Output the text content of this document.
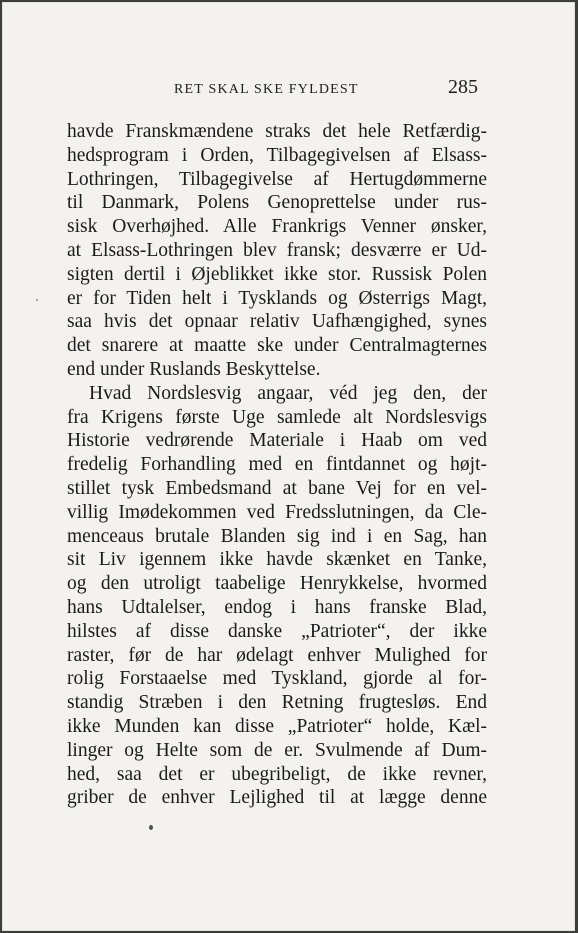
RET SKAL SKE FYLDEST	285
havde Franskmændene straks det hele Retfærdig-
hedsprogram i Orden, Tilbagegivelsen af Elsass-
Lothringen, Tilbagegivelse af Hertugdømmerne
til Danmark, Polens Genoprettelse under rus-
sisk Overhøjhed. Alle Frankrigs Venner ønsker,
at Elsass-Lothringen blev fransk; desværre er Ud-
sigten dertil i Øjeblikket ikke stor. Russisk Polen
er for Tiden helt i Tysklands og Østerrigs Magt,
saa hvis det opnaar relativ Uafhængighed, synes
det snarere at maatte ske under Centralmagternes
end under Ruslands Beskyttelse.
Hvad Nordslesvig angaar, véd jeg den, der
fra Krigens første Uge samlede alt Nordslesvigs
Historie vedrørende Materiale i Haab om ved
fredelig Forhandling med en fintdannet og højt-
stillet tysk Embedsmand at bane Vej for en vel-
villig Imødekommen ved Fredsslutningen, da Cle-
menceaus brutale Blanden sig ind i en Sag, han
sit Liv igennem ikke havde skænket en Tanke,
og den utroligt taabelige Henrykkelse, hvormed
hans Udtalelser, endog i hans franske Blad,
hilstes af disse danske „Patrioter“, der ikke
raster, før de har ødelagt enhver Mulighed for
rolig Forstaaelse med Tyskland, gjorde al for-
standig Stræben i den Retning frugtesløs. End
ikke Munden kan disse „Patrioter“ holde, Kæl-
linger og Helte som de er. Svulmende af Dum-
hed, saa det er ubegribeligt, de ikke revner,
griber de enhver Lejlighed til at lægge denne
